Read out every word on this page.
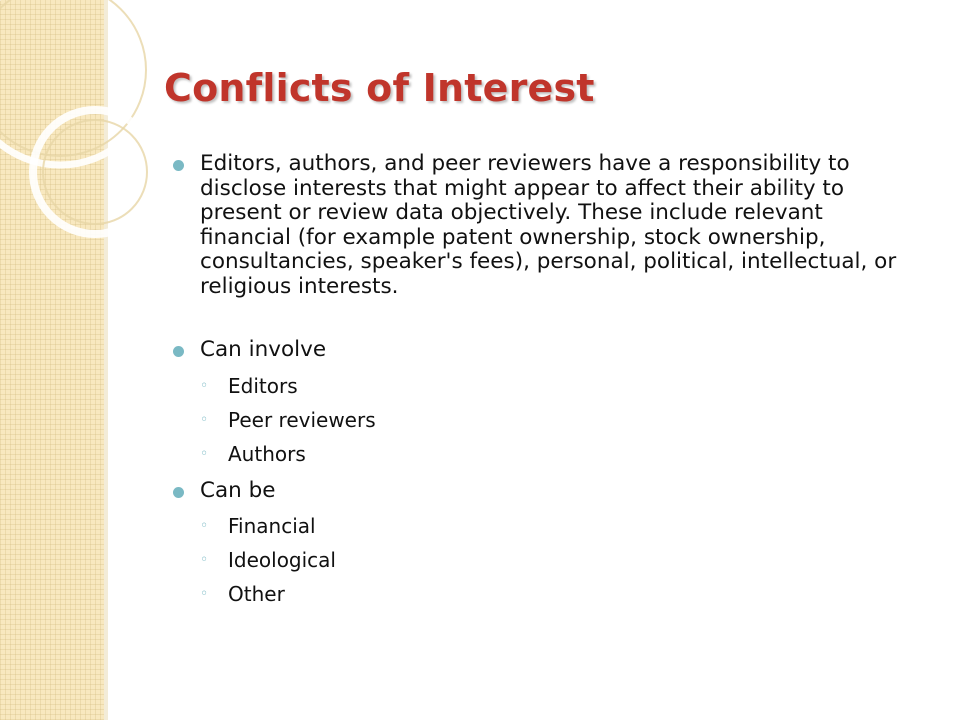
Conflicts of Interest
Editors, authors, and peer reviewers have a responsibility to disclose interests that might appear to affect their ability to present or review data objectively. These include relevant financial (for example patent ownership, stock ownership, consultancies, speaker's fees), personal, political, intellectual, or religious interests.
Can involve
◦ Editors
◦ Peer reviewers
◦ Authors
Can be
◦ Financial
◦ Ideological
◦ Other
